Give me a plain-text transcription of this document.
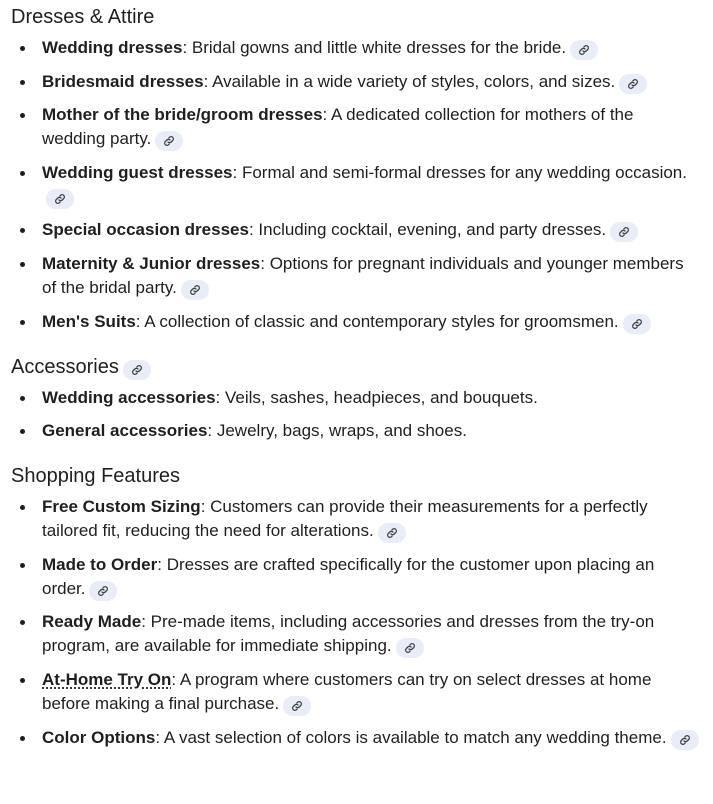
Dresses & Attire
Wedding dresses: Bridal gowns and little white dresses for the bride.
Bridesmaid dresses: Available in a wide variety of styles, colors, and sizes.
Mother of the bride/groom dresses: A dedicated collection for mothers of the wedding party.
Wedding guest dresses: Formal and semi-formal dresses for any wedding occasion.
Special occasion dresses: Including cocktail, evening, and party dresses.
Maternity & Junior dresses: Options for pregnant individuals and younger members of the bridal party.
Men's Suits: A collection of classic and contemporary styles for groomsmen.
Accessories
Wedding accessories: Veils, sashes, headpieces, and bouquets.
General accessories: Jewelry, bags, wraps, and shoes.
Shopping Features
Free Custom Sizing: Customers can provide their measurements for a perfectly tailored fit, reducing the need for alterations.
Made to Order: Dresses are crafted specifically for the customer upon placing an order.
Ready Made: Pre-made items, including accessories and dresses from the try-on program, are available for immediate shipping.
At-Home Try On: A program where customers can try on select dresses at home before making a final purchase.
Color Options: A vast selection of colors is available to match any wedding theme.
